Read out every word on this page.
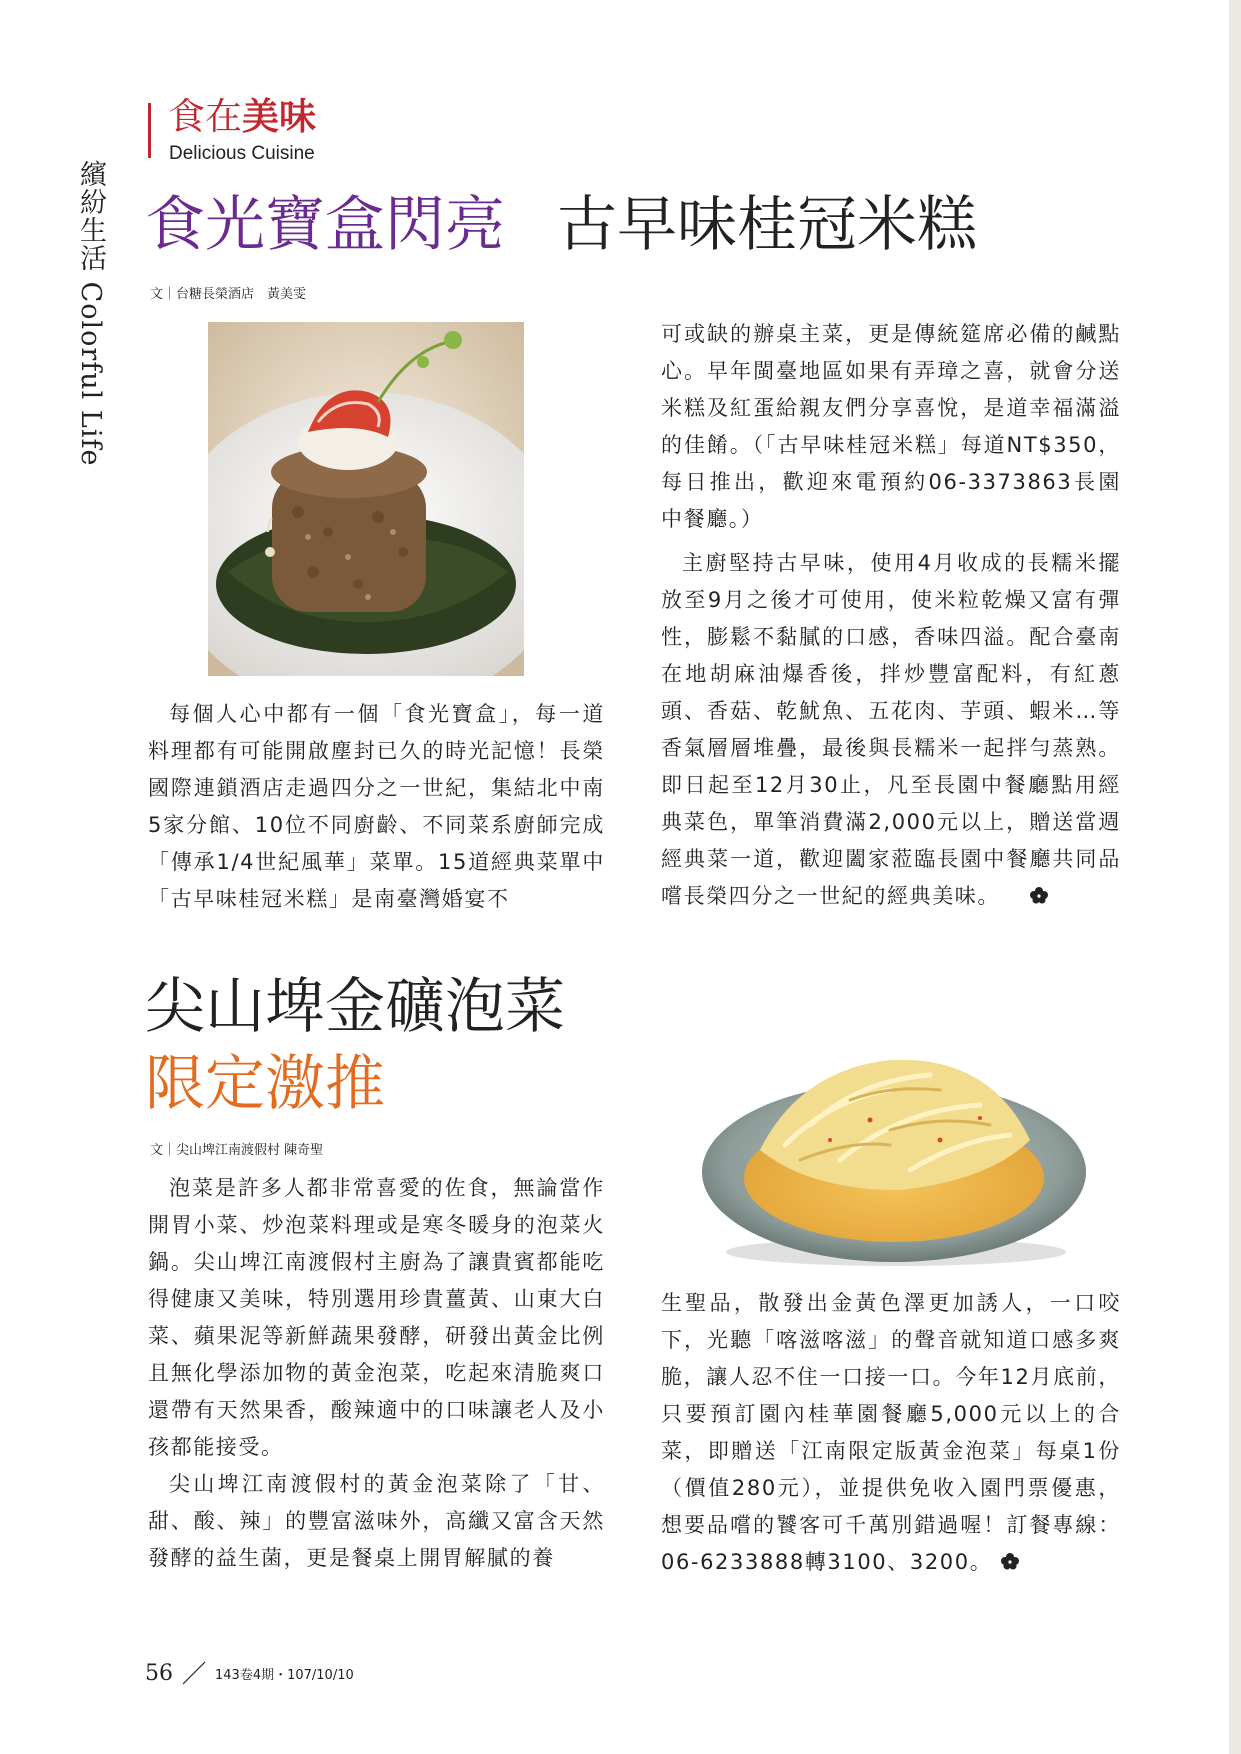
食在美味
Delicious Cuisine
繽紛生活 Colorful Life 食光寶盒閃亮 古早味桂冠米糕
文｜台糖長榮酒店　黃美雯

每個人心中都有一個「食光寶盒」，每一道料理都有可能開啟塵封已久的時光記憶！長榮國際連鎖酒店走過四分之一世紀，集結北中南5家分館、10位不同廚齡、不同菜系廚師完成「傳承1/4世紀風華」菜單。15道經典菜單中「古早味桂冠米糕」是南臺灣婚宴不

可或缺的辦桌主菜，更是傳統筵席必備的鹹點心。早年閩臺地區如果有弄璋之喜，就會分送米糕及紅蛋給親友們分享喜悅，是道幸福滿溢的佳餚。（「古早味桂冠米糕」每道NT$350，每日推出，歡迎來電預約06-3373863長園中餐廳。）

主廚堅持古早味，使用4月收成的長糯米擺放至9月之後才可使用，使米粒乾燥又富有彈性，膨鬆不黏膩的口感，香味四溢。配合臺南在地胡麻油爆香後，拌炒豐富配料，有紅蔥頭、香菇、乾魷魚、五花肉、芋頭、蝦米…等香氣層層堆疊，最後與長糯米一起拌勻蒸熟。即日起至12月30止，凡至長園中餐廳點用經典菜色，單筆消費滿2,000元以上，贈送當週經典菜一道，歡迎闔家蒞臨長園中餐廳共同品嚐長榮四分之一世紀的經典美味。

尖山埤金礦泡菜
限定激推
文｜尖山埤江南渡假村 陳奇聖

泡菜是許多人都非常喜愛的佐食，無論當作開胃小菜、炒泡菜料理或是寒冬暖身的泡菜火鍋。尖山埤江南渡假村主廚為了讓貴賓都能吃得健康又美味，特別選用珍貴薑黃、山東大白菜、蘋果泥等新鮮蔬果發酵，研發出黃金比例且無化學添加物的黃金泡菜，吃起來清脆爽口還帶有天然果香，酸辣適中的口味讓老人及小孩都能接受。

尖山埤江南渡假村的黃金泡菜除了「甘、甜、酸、辣」的豐富滋味外，高纖又富含天然發酵的益生菌，更是餐桌上開胃解膩的養

生聖品，散發出金黃色澤更加誘人，一口咬下，光聽「喀滋喀滋」的聲音就知道口感多爽脆，讓人忍不住一口接一口。今年12月底前，只要預訂園內桂華園餐廳5,000元以上的合菜，即贈送「江南限定版黃金泡菜」每桌1份（價值280元），並提供免收入園門票優惠，想要品嚐的饕客可千萬別錯過喔！訂餐專線：06-6233888轉3100、3200。

56	143卷4期・107/10/10
